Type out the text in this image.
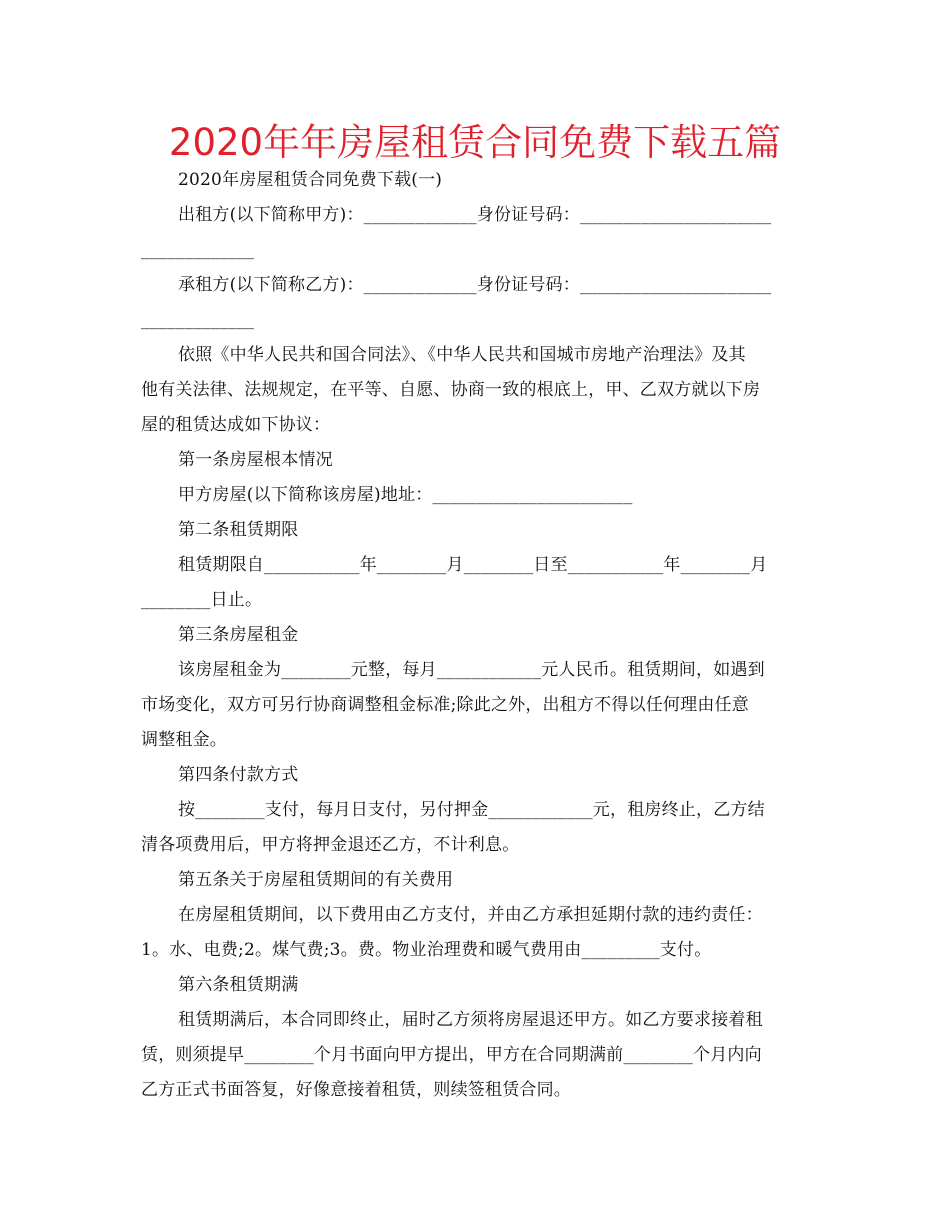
2020年年房屋租赁合同免费下载五篇
2020年房屋租赁合同免费下载(一)
出租方(以下简称甲方)：_____________身份证号码：______________________
_____________
承租方(以下简称乙方)：_____________身份证号码：______________________
_____________
依照《中华人民共和国合同法》、《中华人民共和国城市房地产治理法》及其
他有关法律、法规规定，在平等、自愿、协商一致的根底上，甲、乙双方就以下房
屋的租赁达成如下协议：
第一条房屋根本情况
甲方房屋(以下简称该房屋)地址：_______________________
第二条租赁期限
租赁期限自___________年________月________日至___________年________月
________日止。
第三条房屋租金
该房屋租金为________元整，每月____________元人民币。租赁期间，如遇到
市场变化，双方可另行协商调整租金标准;除此之外，出租方不得以任何理由任意
调整租金。
第四条付款方式
按________支付，每月日支付，另付押金____________元，租房终止，乙方结
清各项费用后，甲方将押金退还乙方，不计利息。
第五条关于房屋租赁期间的有关费用
在房屋租赁期间，以下费用由乙方支付，并由乙方承担延期付款的违约责任：
1。水、电费;2。煤气费;3。费。物业治理费和暖气费用由_________支付。
第六条租赁期满
租赁期满后，本合同即终止，届时乙方须将房屋退还甲方。如乙方要求接着租
赁，则须提早________个月书面向甲方提出，甲方在合同期满前________个月内向
乙方正式书面答复，好像意接着租赁，则续签租赁合同。
